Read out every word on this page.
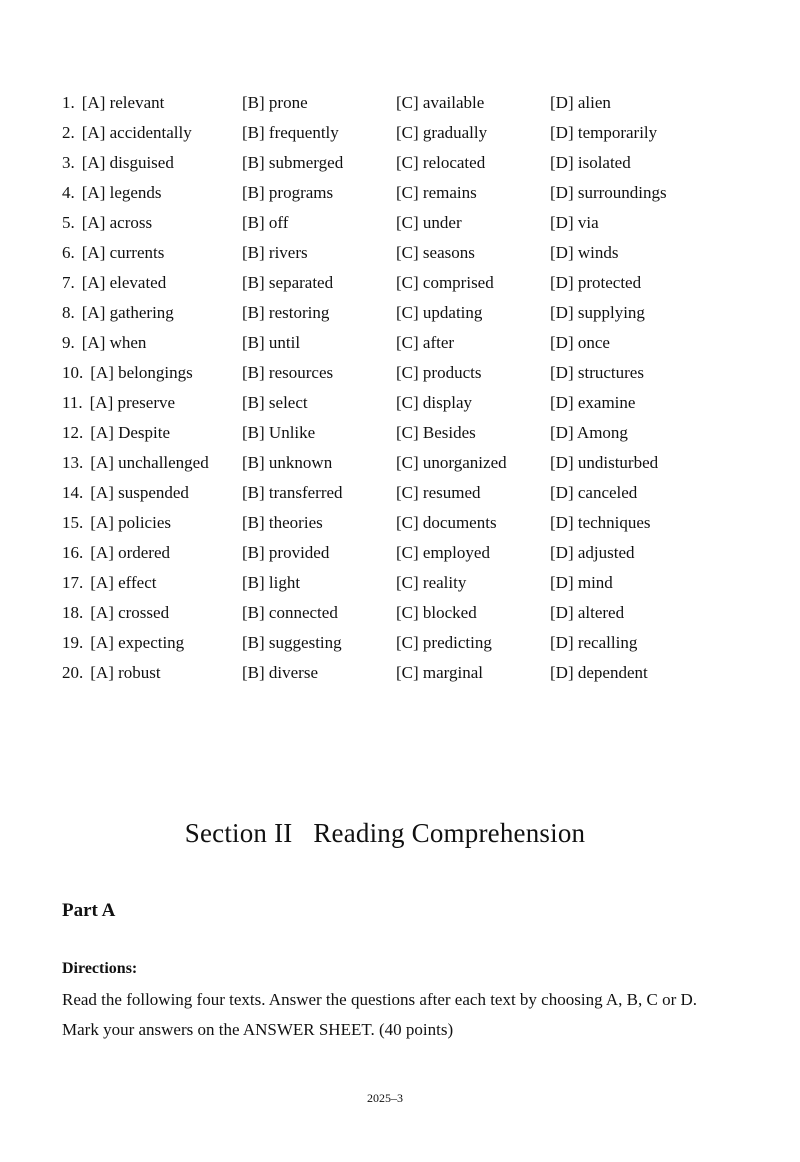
1. [A] relevant	[B] prone	[C] available	[D] alien
2. [A] accidentally	[B] frequently	[C] gradually	[D] temporarily
3. [A] disguised	[B] submerged	[C] relocated	[D] isolated
4. [A] legends	[B] programs	[C] remains	[D] surroundings
5. [A] across	[B] off	[C] under	[D] via
6. [A] currents	[B] rivers	[C] seasons	[D] winds
7. [A] elevated	[B] separated	[C] comprised	[D] protected
8. [A] gathering	[B] restoring	[C] updating	[D] supplying
9. [A] when	[B] until	[C] after	[D] once
10. [A] belongings	[B] resources	[C] products	[D] structures
11. [A] preserve	[B] select	[C] display	[D] examine
12. [A] Despite	[B] Unlike	[C] Besides	[D] Among
13. [A] unchallenged	[B] unknown	[C] unorganized	[D] undisturbed
14. [A] suspended	[B] transferred	[C] resumed	[D] canceled
15. [A] policies	[B] theories	[C] documents	[D] techniques
16. [A] ordered	[B] provided	[C] employed	[D] adjusted
17. [A] effect	[B] light	[C] reality	[D] mind
18. [A] crossed	[B] connected	[C] blocked	[D] altered
19. [A] expecting	[B] suggesting	[C] predicting	[D] recalling
20. [A] robust	[B] diverse	[C] marginal	[D] dependent
Section II   Reading Comprehension
Part A
Directions:
Read the following four texts. Answer the questions after each text by choosing A, B, C or D. Mark your answers on the ANSWER SHEET. (40 points)
2025–3
